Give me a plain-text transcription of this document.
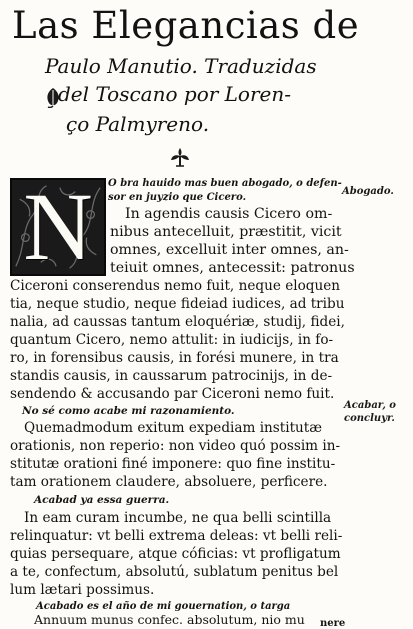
Las Elegancias de
Paulo Manutio. Traduzidas
del Toscano por Loren-
ço Palmyreno.
N	O bra hauido mas buen abogado, o defen-
sor en juyzio que Cicero.
Abogado.
Acabar, o
concluyr.
In agendis causis Cicero om-
nibus antecelluit, præstitit, vicit
omnes, excelluit inter omnes, an-
teiuit omnes, antecessit: patronus
Ciceroni conserendus nemo fuit, neque eloquen
tia, neque studio, neque fideiad iudices, ad tribu
nalia, ad caussas tantum eloquériæ, studij, fidei,
quantum Cicero, nemo attulit: in iudicijs, in fo-
ro, in forensibus causis, in forési munere, in tra
standis causis, in caussarum patrocinijs, in de-
sendendo & accusando par Ciceroni nemo fuit.
No sé como acabe mi razonamiento.
Quemadmodum exitum expediam institutæ
orationis, non reperio: non video quó possim in-
stitutæ orationi finé imponere: quo fine institu-
tam orationem claudere, absoluere, perficere.
Acabad ya essa guerra.
In eam curam incumbe, ne qua belli scintilla
relinquatur: vt belli extrema deleas: vt belli reli-
quias persequare, atque cóficias: vt profligatum
a te, confectum, absolutú, sublatum penitus bel
lum lætari possimus.
Acabado es el año de mi gouernation, o targa
Annuum munus confec. absolutum, nio mu nere
